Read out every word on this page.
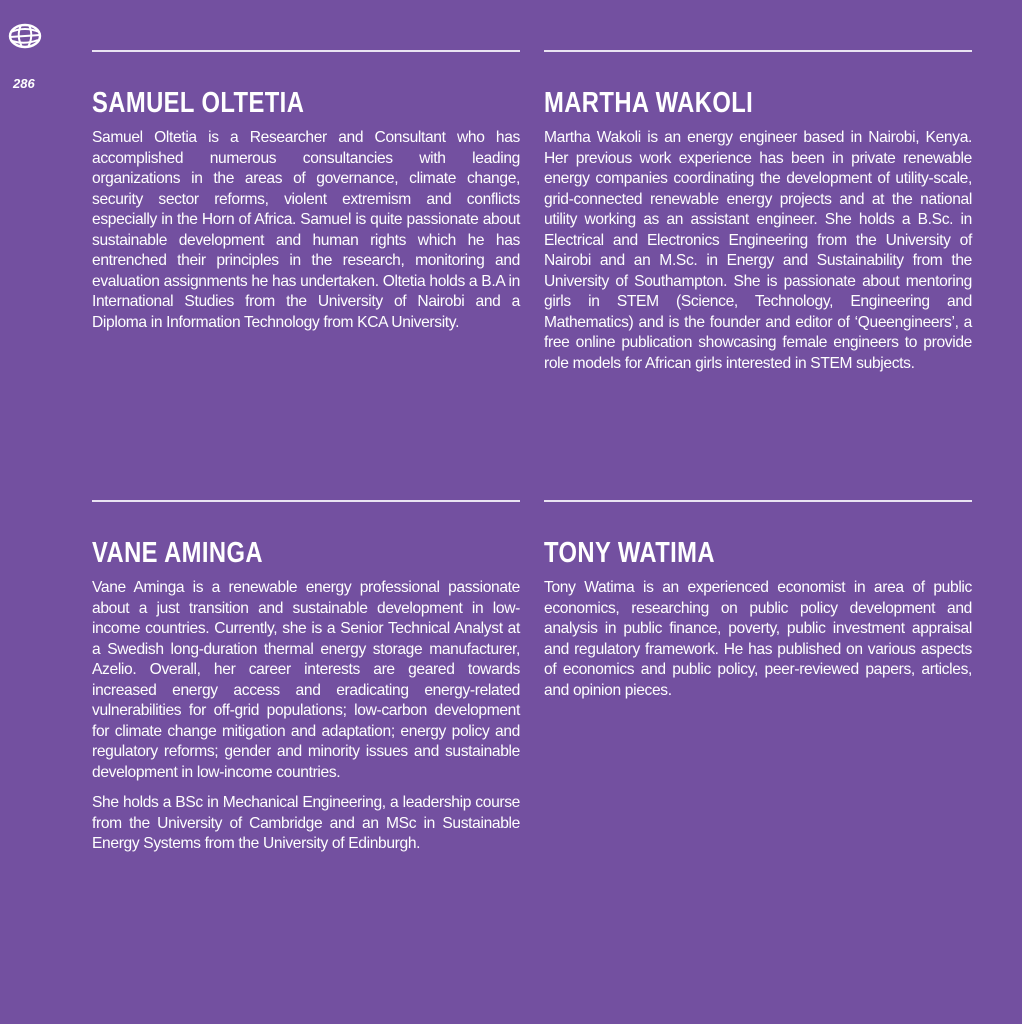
286
SAMUEL OLTETIA

Samuel Oltetia is a Researcher and Consultant who has accomplished numerous consultancies with leading organizations in the areas of governance, climate change, security sector reforms, violent extremism and conflicts especially in the Horn of Africa. Samuel is quite passionate about sustainable development and human rights which he has entrenched their principles in the research, monitoring and evaluation assignments he has undertaken. Oltetia holds a B.A in International Studies from the University of Nairobi and a Diploma in Information Technology from KCA University.

MARTHA WAKOLI

Martha Wakoli is an energy engineer based in Nairobi, Kenya. Her previous work experience has been in private renewable energy companies coordinating the development of utility-scale, grid-connected renewable energy projects and at the national utility working as an assistant engineer. She holds a B.Sc. in Electrical and Electronics Engineering from the University of Nairobi and an M.Sc. in Energy and Sustainability from the University of Southampton. She is passionate about mentoring girls in STEM (Science, Technology, Engineering and Mathematics) and is the founder and editor of ‘Queengineers’, a free online publication showcasing female engineers to provide role models for African girls interested in STEM subjects.

VANE AMINGA

Vane Aminga is a renewable energy professional passionate about a just transition and sustainable development in low-income countries. Currently, she is a Senior Technical Analyst at a Swedish long-duration thermal energy storage manufacturer, Azelio. Overall, her career interests are geared towards increased energy access and eradicating energy-related vulnerabilities for off-grid populations; low-carbon development for climate change mitigation and adaptation; energy policy and regulatory reforms; gender and minority issues and sustainable development in low-income countries.

She holds a BSc in Mechanical Engineering, a leadership course from the University of Cambridge and an MSc in Sustainable Energy Systems from the University of Edinburgh.

TONY WATIMA

Tony Watima is an experienced economist in area of public economics, researching on public policy development and analysis in public finance, poverty, public investment appraisal and regulatory framework. He has published on various aspects of economics and public policy, peer-reviewed papers, articles, and opinion pieces.
